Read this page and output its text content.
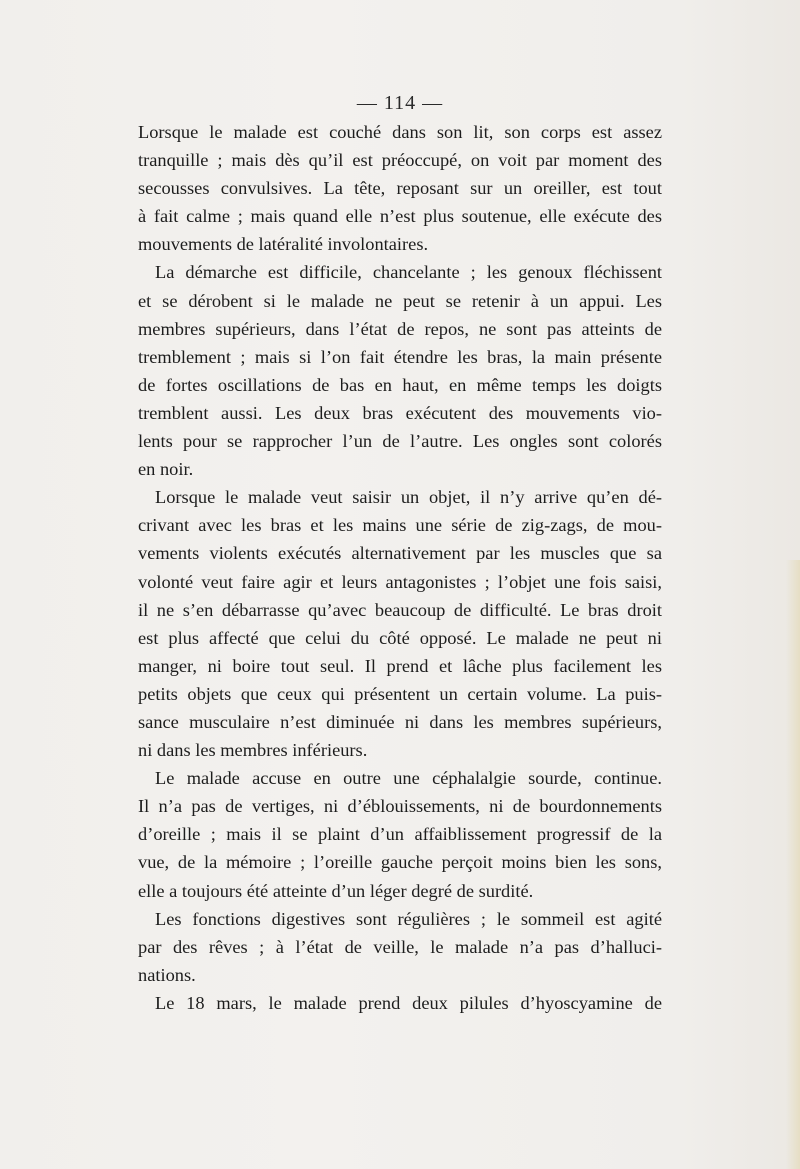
— 114 —

Lorsque le malade est couché dans son lit, son corps est assez
tranquille ; mais dès qu’il est préoccupé, on voit par moment des
secousses convulsives. La tête, reposant sur un oreiller, est tout
à fait calme ; mais quand elle n’est plus soutenue, elle exécute des
mouvements de latéralité involontaires.

La démarche est difficile, chancelante ; les genoux fléchissent
et se dérobent si le malade ne peut se retenir à un appui. Les
membres supérieurs, dans l’état de repos, ne sont pas atteints de
tremblement ; mais si l’on fait étendre les bras, la main présente
de fortes oscillations de bas en haut, en même temps les doigts
tremblent aussi. Les deux bras exécutent des mouvements vio-
lents pour se rapprocher l’un de l’autre. Les ongles sont colorés
en noir.

Lorsque le malade veut saisir un objet, il n’y arrive qu’en dé-
crivant avec les bras et les mains une série de zig-zags, de mou-
vements violents exécutés alternativement par les muscles que sa
volonté veut faire agir et leurs antagonistes ; l’objet une fois saisi,
il ne s’en débarrasse qu’avec beaucoup de difficulté. Le bras droit
est plus affecté que celui du côté opposé. Le malade ne peut ni
manger, ni boire tout seul. Il prend et lâche plus facilement les
petits objets que ceux qui présentent un certain volume. La puis-
sance musculaire n’est diminuée ni dans les membres supérieurs,
ni dans les membres inférieurs.

Le malade accuse en outre une céphalalgie sourde, continue.
Il n’a pas de vertiges, ni d’éblouissements, ni de bourdonnements
d’oreille ; mais il se plaint d’un affaiblissement progressif de la
vue, de la mémoire ; l’oreille gauche perçoit moins bien les sons,
elle a toujours été atteinte d’un léger degré de surdité.

Les fonctions digestives sont régulières ; le sommeil est agité
par des rêves ; à l’état de veille, le malade n’a pas d’halluci-
nations.

Le 18 mars, le malade prend deux pilules d’hyoscyamine de
